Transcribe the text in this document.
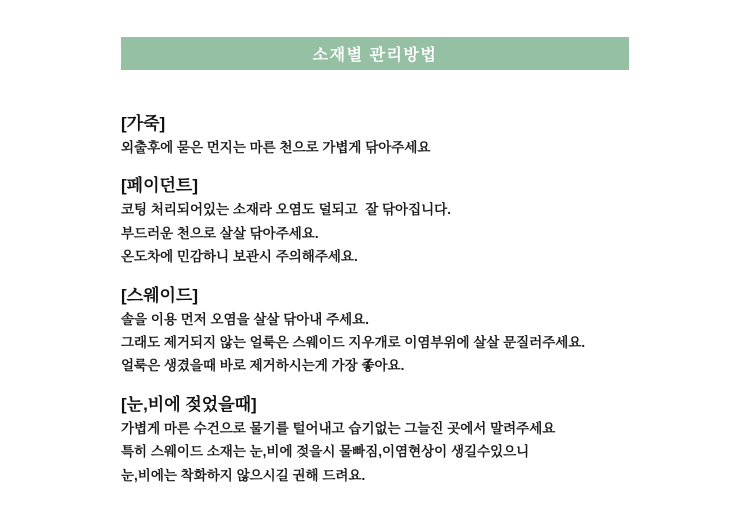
소재별 관리방법

[가죽]

외출후에 묻은 먼지는 마른 천으로 가볍게 닦아주세요

[페이던트]

코팅 처리되어있는 소재라 오염도 덜되고  잘 닦아집니다.

부드러운 천으로 살살 닦아주세요.

온도차에 민감하니 보관시 주의해주세요.

[스웨이드]

솔을 이용 먼저 오염을 살살 닦아내 주세요.

그래도 제거되지 않는 얼룩은 스웨이드 지우개로 이염부위에 살살 문질러주세요.

얼룩은 생겼을때 바로 제거하시는게 가장 좋아요.

[눈,비에 젖었을때]

가볍게 마른 수건으로 물기를 털어내고 습기없는 그늘진 곳에서 말려주세요

특히 스웨이드 소재는 눈,비에 젖을시 물빠짐,이염현상이 생길수있으니

눈,비에는 착화하지 않으시길 권해 드려요.
